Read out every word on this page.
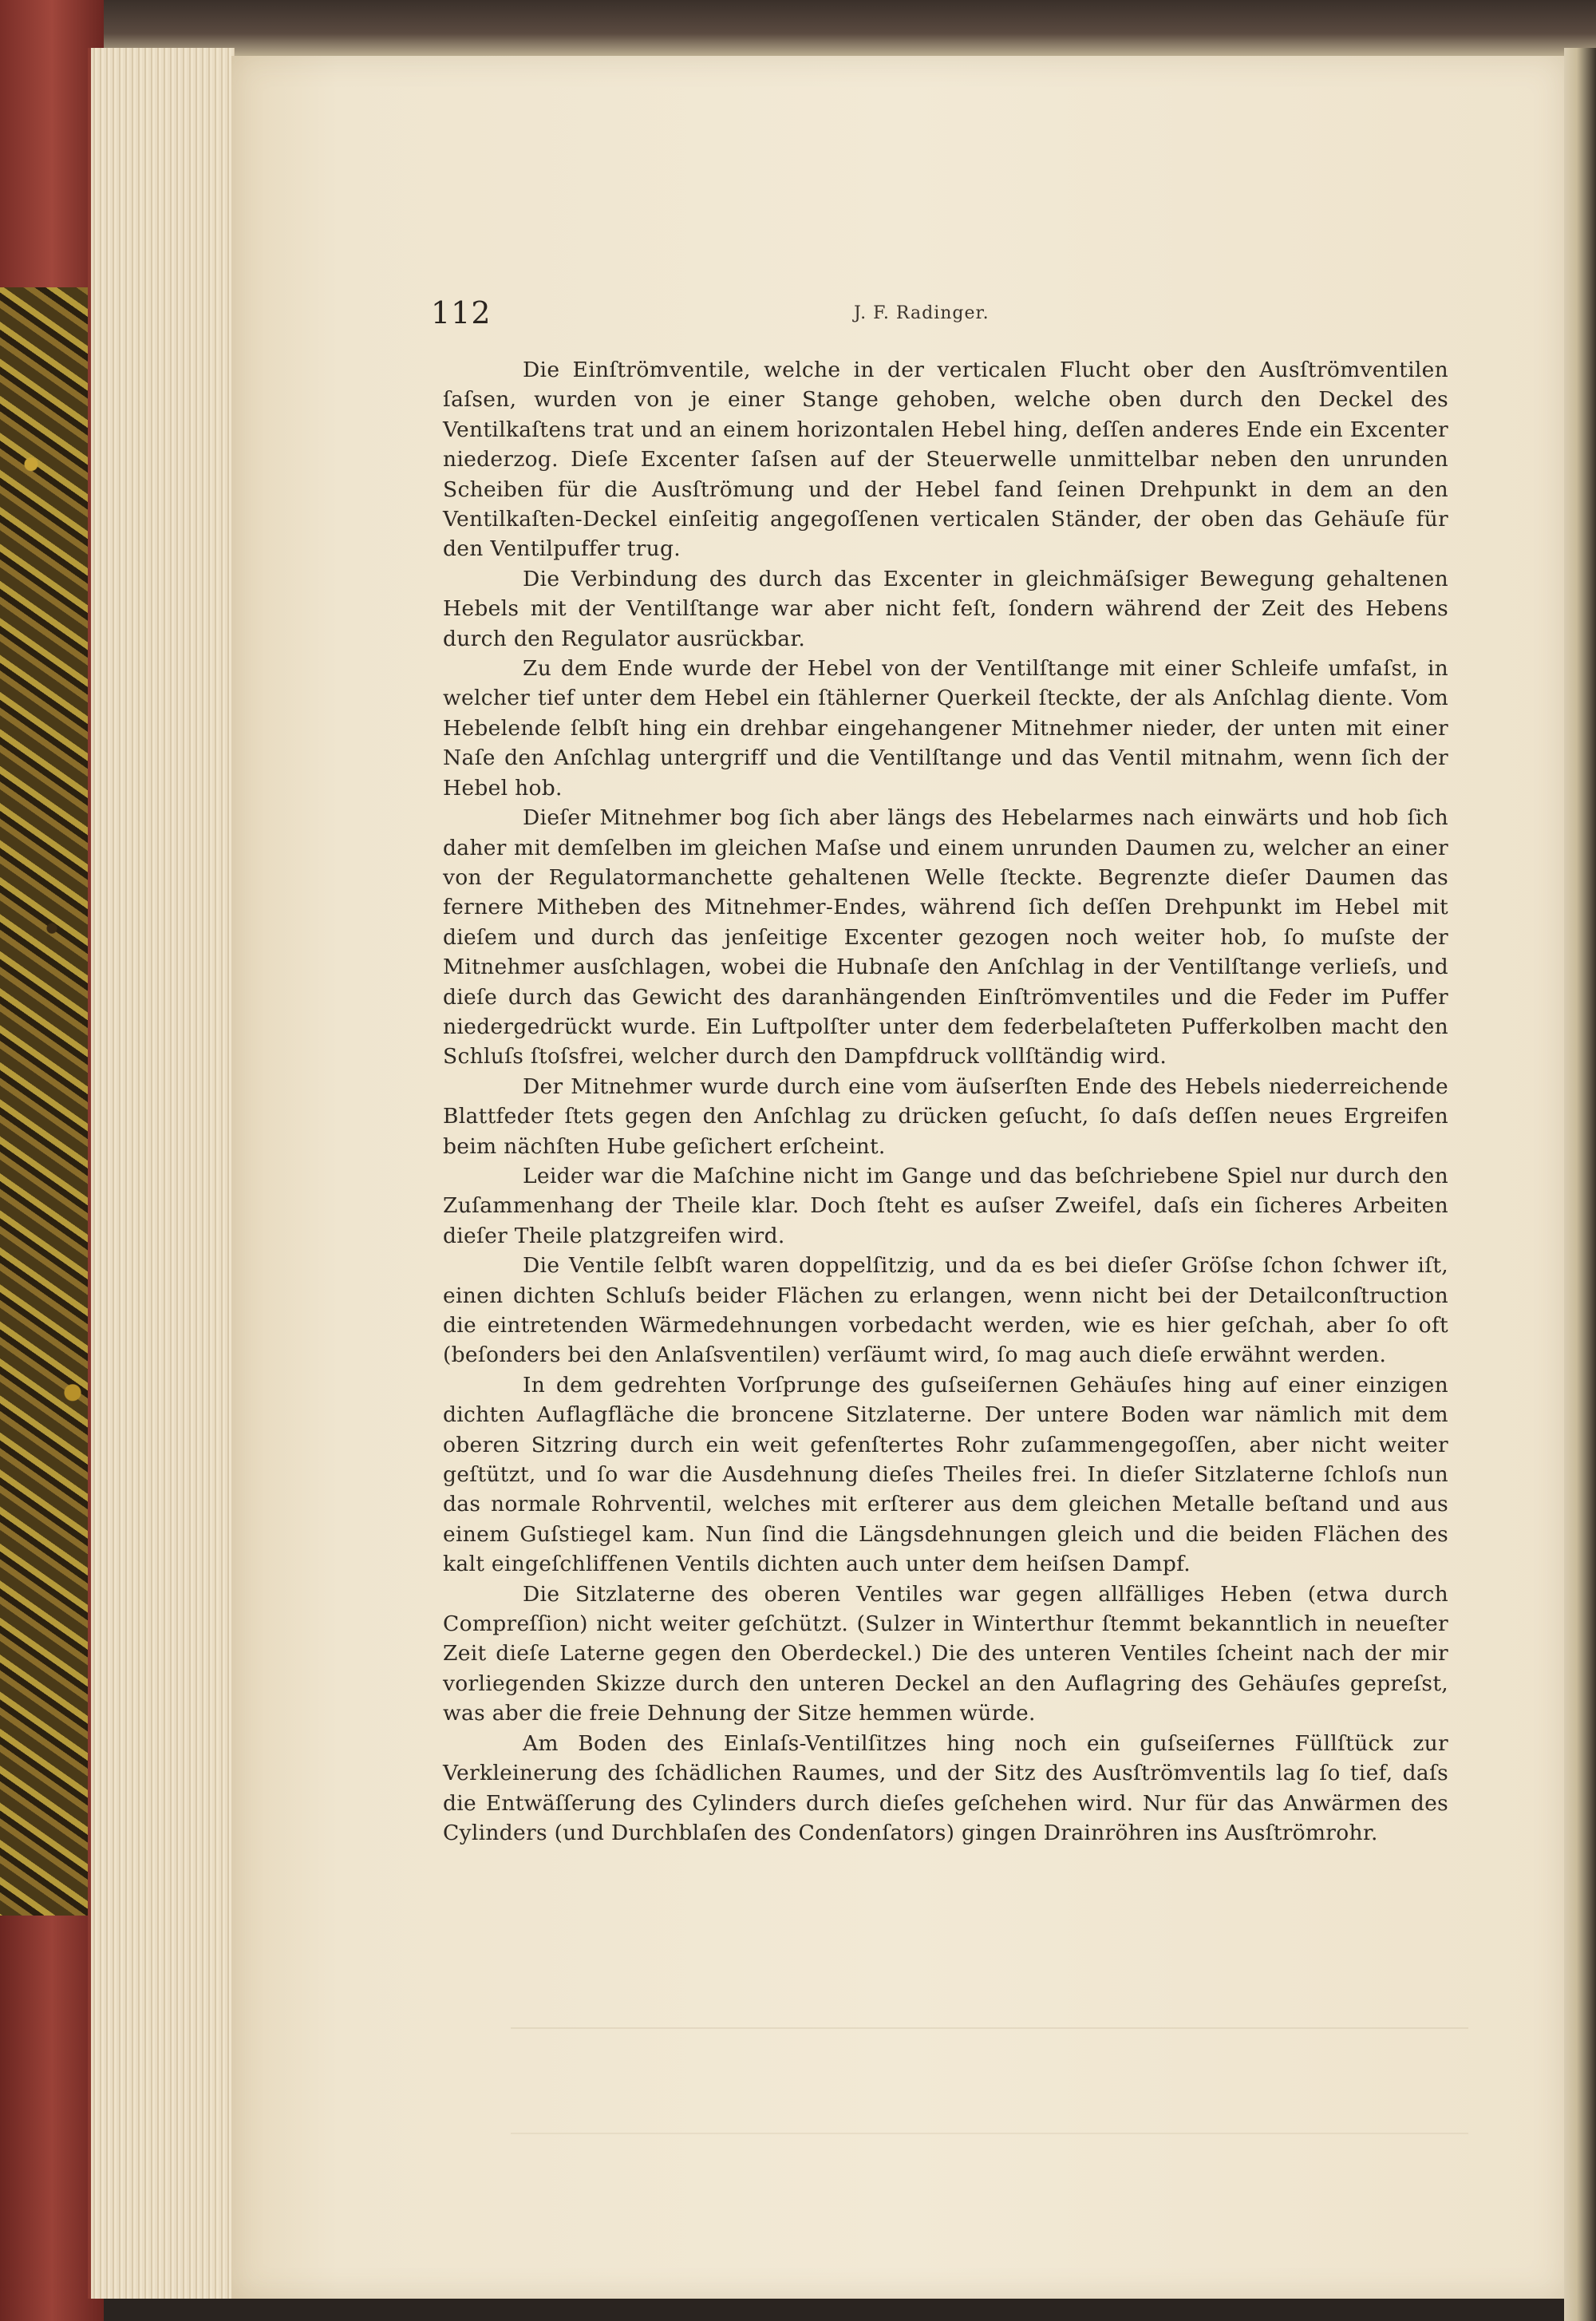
112	J. F. Radinger.

Die Einſtrömventile, welche in der verticalen Flucht ober den Ausſtrömventilen ſaſsen, wurden von je einer Stange gehoben, welche oben durch den Deckel des Ventilkaſtens trat und an einem horizontalen Hebel hing, deſſen anderes Ende ein Excenter niederzog. Dieſe Excenter ſaſsen auf der Steuerwelle unmittelbar neben den unrunden Scheiben für die Ausſtrömung und der Hebel fand ſeinen Drehpunkt in dem an den Ventilkaſten-Deckel einſeitig angegoſſenen verticalen Ständer, der oben das Gehäuſe für den Ventilpuffer trug.

Die Verbindung des durch das Excenter in gleichmäſsiger Bewegung gehaltenen Hebels mit der Ventilſtange war aber nicht feſt, ſondern während der Zeit des Hebens durch den Regulator ausrückbar.

Zu dem Ende wurde der Hebel von der Ventilſtange mit einer Schleife umfaſst, in welcher tief unter dem Hebel ein ſtählerner Querkeil ſteckte, der als Anſchlag diente. Vom Hebelende ſelbſt hing ein drehbar eingehangener Mitnehmer nieder, der unten mit einer Naſe den Anſchlag untergriff und die Ventilſtange und das Ventil mitnahm, wenn ſich der Hebel hob.

Dieſer Mitnehmer bog ſich aber längs des Hebelarmes nach einwärts und hob ſich daher mit demſelben im gleichen Maſse und einem unrunden Daumen zu, welcher an einer von der Regulatormanchette gehaltenen Welle ſteckte. Begrenzte dieſer Daumen das fernere Mitheben des Mitnehmer-Endes, während ſich deſſen Drehpunkt im Hebel mit dieſem und durch das jenſeitige Excenter gezogen noch weiter hob, ſo muſste der Mitnehmer ausſchlagen, wobei die Hubnaſe den Anſchlag in der Ventilſtange verlieſs, und dieſe durch das Gewicht des daranhängenden Einſtrömventiles und die Feder im Puffer niedergedrückt wurde. Ein Luftpolſter unter dem federbelaſteten Pufferkolben macht den Schluſs ſtoſsfrei, welcher durch den Dampfdruck vollſtändig wird.

Der Mitnehmer wurde durch eine vom äuſserſten Ende des Hebels niederreichende Blattfeder ſtets gegen den Anſchlag zu drücken geſucht, ſo daſs deſſen neues Ergreifen beim nächſten Hube geſichert erſcheint.

Leider war die Maſchine nicht im Gange und das beſchriebene Spiel nur durch den Zuſammenhang der Theile klar. Doch ſteht es auſser Zweifel, daſs ein ſicheres Arbeiten dieſer Theile platzgreifen wird.

Die Ventile ſelbſt waren doppelſitzig, und da es bei dieſer Gröſse ſchon ſchwer iſt, einen dichten Schluſs beider Flächen zu erlangen, wenn nicht bei der Detailconſtruction die eintretenden Wärmedehnungen vorbedacht werden, wie es hier geſchah, aber ſo oft (beſonders bei den Anlaſsventilen) verſäumt wird, ſo mag auch dieſe erwähnt werden.

In dem gedrehten Vorſprunge des guſseiſernen Gehäuſes hing auf einer einzigen dichten Auflagfläche die broncene Sitzlaterne. Der untere Boden war nämlich mit dem oberen Sitzring durch ein weit gefenſtertes Rohr zuſammengegoſſen, aber nicht weiter geſtützt, und ſo war die Ausdehnung dieſes Theiles frei. In dieſer Sitzlaterne ſchloſs nun das normale Rohrventil, welches mit erſterer aus dem gleichen Metalle beſtand und aus einem Guſstiegel kam. Nun ſind die Längsdehnungen gleich und die beiden Flächen des kalt eingeſchliffenen Ventils dichten auch unter dem heiſsen Dampf.

Die Sitzlaterne des oberen Ventiles war gegen allfälliges Heben (etwa durch Compreſſion) nicht weiter geſchützt. (Sulzer in Winterthur ſtemmt bekanntlich in neueſter Zeit dieſe Laterne gegen den Oberdeckel.) Die des unteren Ventiles ſcheint nach der mir vorliegenden Skizze durch den unteren Deckel an den Auflagring des Gehäuſes gepreſst, was aber die freie Dehnung der Sitze hemmen würde.

Am Boden des Einlaſs-Ventilſitzes hing noch ein guſseiſernes Füllſtück zur Verkleinerung des ſchädlichen Raumes, und der Sitz des Ausſtrömventils lag ſo tief, daſs die Entwäſſerung des Cylinders durch dieſes geſchehen wird. Nur für das Anwärmen des Cylinders (und Durchblaſen des Condenſators) gingen Drainröhren ins Ausſtrömrohr.
